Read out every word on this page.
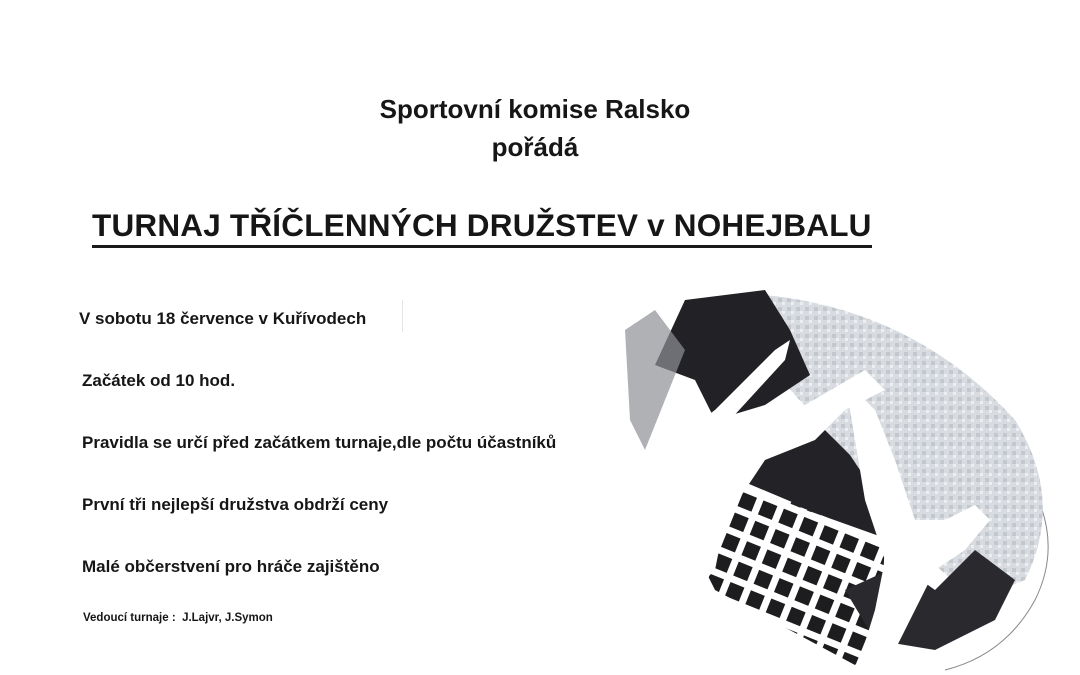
Sportovní komise Ralsko
pořádá
TURNAJ TŘÍČLENNÝCH DRUŽSTEV v NOHEJBALU
V sobotu 18 července v Kuřívodech
Začátek od 10 hod.
Pravidla se určí před začátkem turnaje,dle počtu účastníků
První tři nejlepší družstva obdrží ceny
Malé občerstvení pro hráče zajištěno
Vedoucí turnaje : J.Lajvr, J.Symon
